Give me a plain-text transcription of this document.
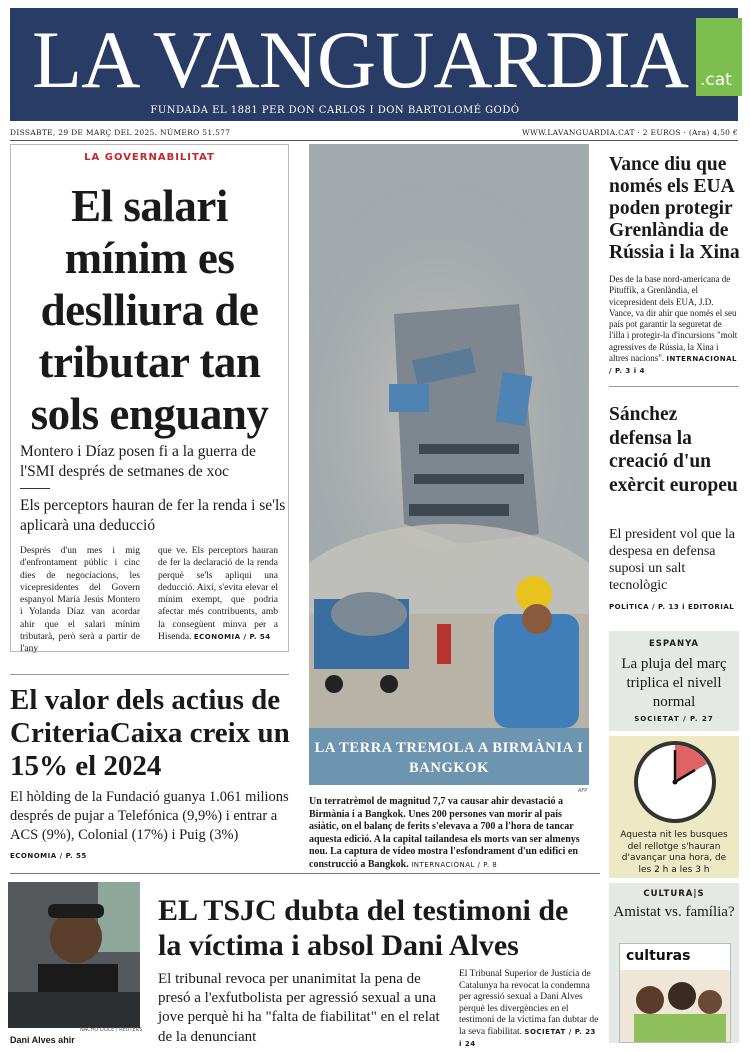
LA VANGUARDIA .cat
FUNDADA EL 1881 PER DON CARLOS I DON BARTOLOMÉ GODÓ
DISSABTE, 29 DE MARÇ DEL 2025. NÚMERO 51.577	WWW.LAVANGUARDIA.CAT · 2 EUROS · (Ara) 4,50 €
LA GOVERNABILITAT
El salari mínim es deslliura de tributar tan sols enguany
Montero i Díaz posen fi a la guerra de l'SMI després de setmanes de xoc
Els perceptors hauran de fer la renda i se'ls aplicarà una deducció
Després d'un mes i mig d'enfrontament públic i cinc dies de negociacions, les vicepresidentes del Govern espanyol María Jesús Montero i Yolanda Díaz van acordar ahir que el salari mínim tributarà, però serà a partir de l'any
que ve. Els perceptors hauran de fer la declaració de la renda perquè se'ls apliqui una deducció. Així, s'evita elevar el mínim exempt, que podria afectar més contribuents, amb la consegüent minva per a Hisenda. ECONOMIA / P. 54
El valor dels actius de CriteriaCaixa creix un 15% el 2024
El hòlding de la Fundació guanya 1.061 milions després de pujar a Telefónica (9,9%) i entrar a ACS (9%), Colonial (17%) i Puig (3%)
ECONOMIA / P. 55
LA TERRA TREMOLA A BIRMÀNIA I BANGKOK
AFP
Un terratrèmol de magnitud 7,7 va causar ahir devastació a Birmània i a Bangkok. Unes 200 persones van morir al país asiàtic, on el balanç de ferits s'elevava a 700 a l'hora de tancar aquesta edició. A la capital tailandesa els morts van ser almenys nou. La captura de vídeo mostra l'esfondrament d'un edifici en construcció a Bangkok. INTERNACIONAL / P. 8
Vance diu que només els EUA poden protegir Grenlàndia de Rússia i la Xina
Des de la base nord-americana de Pituffik, a Grenlàndia, el vicepresident dels EUA, J.D. Vance, va dir ahir que només el seu país pot garantir la seguretat de l'illa i protegir-la d'incursions "molt agressives de Rússia, la Xina i altres nacions". INTERNACIONAL / P. 3 i 4
Sánchez defensa la creació d'un exèrcit europeu
El president vol que la despesa en defensa suposi un salt tecnològic
POLÍTICA / P. 13 i EDITORIAL
ESPANYA
La pluja del març triplica el nivell normal
SOCIETAT / P. 27
Aquesta nit les busques del rellotge s'hauran d'avançar una hora, de les 2 h a les 3 h
CULTURA|S
Amistat vs. família?
culturas
NACHO DOCE / REUTERS
Dani Alves ahir
EL TSJC dubta del testimoni de la víctima i absol Dani Alves
El tribunal revoca per unanimitat la pena de presó a l'exfutbolista per agressió sexual a una jove perquè hi ha "falta de fiabilitat" en el relat de la denunciant
El Tribunal Superior de Justícia de Catalunya ha revocat la condemna per agressió sexual a Dani Alves perquè les divergències en el testimoni de la víctima fan dubtar de la seva fiabilitat. SOCIETAT / P. 23 i 24
